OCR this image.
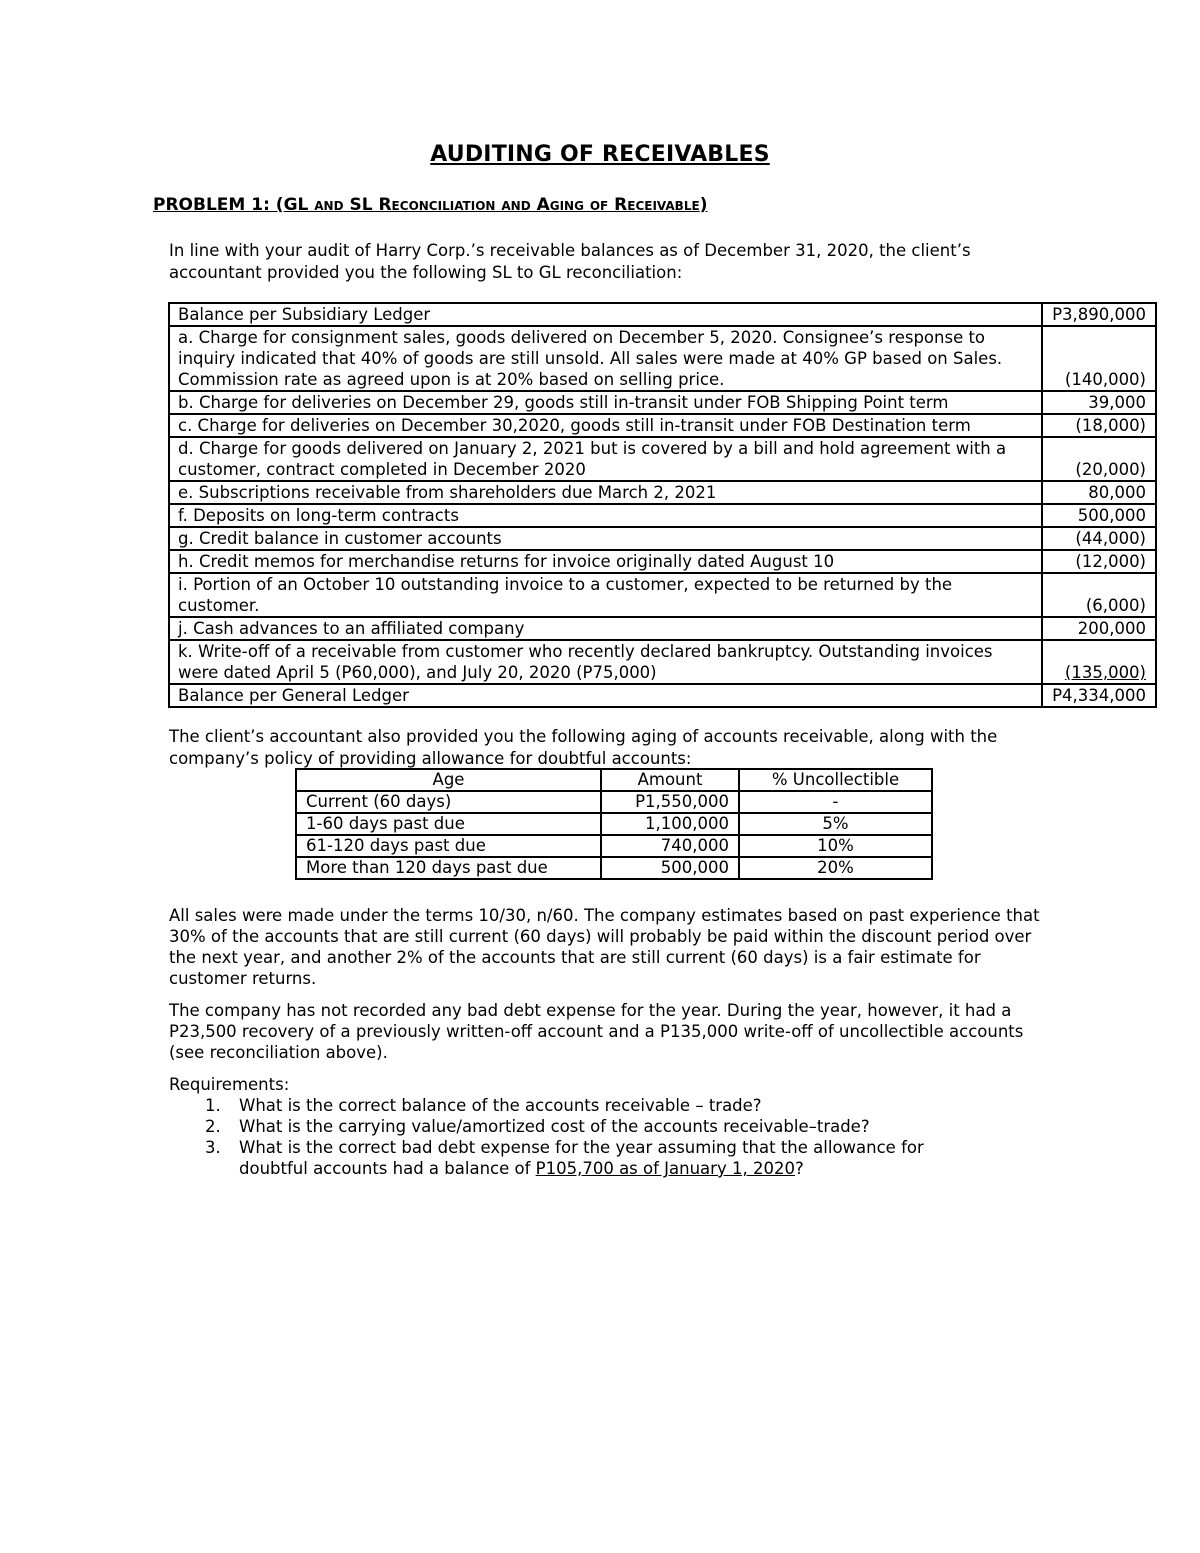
AUDITING OF RECEIVABLES
PROBLEM 1: (GL and SL Reconciliation and Aging of Receivable)
In line with your audit of Harry Corp.’s receivable balances as of December 31, 2020, the client’s accountant provided you the following SL to GL reconciliation:
Balance per Subsidiary Ledger	P3,890,000
a. Charge for consignment sales, goods delivered on December 5, 2020. Consignee’s response to inquiry indicated that 40% of goods are still unsold. All sales were made at 40% GP based on Sales. Commission rate as agreed upon is at 20% based on selling price.	(140,000)
b. Charge for deliveries on December 29, goods still in-transit under FOB Shipping Point term	39,000
c. Charge for deliveries on December 30,2020, goods still in-transit under FOB Destination term	(18,000)
d. Charge for goods delivered on January 2, 2021 but is covered by a bill and hold agreement with a customer, contract completed in December 2020	(20,000)
e. Subscriptions receivable from shareholders due March 2, 2021	80,000
f. Deposits on long-term contracts	500,000
g. Credit balance in customer accounts	(44,000)
h. Credit memos for merchandise returns for invoice originally dated August 10	(12,000)
i. Portion of an October 10 outstanding invoice to a customer, expected to be returned by the customer.	(6,000)
j. Cash advances to an affiliated company	200,000
k. Write-off of a receivable from customer who recently declared bankruptcy. Outstanding invoices were dated April 5 (P60,000), and July 20, 2020 (P75,000)	(135,000)
Balance per General Ledger	P4,334,000
The client’s accountant also provided you the following aging of accounts receivable, along with the company’s policy of providing allowance for doubtful accounts:
Age	Amount	% Uncollectible
Current (60 days)	P1,550,000	-
1-60 days past due	1,100,000	5%
61-120 days past due	740,000	10%
More than 120 days past due	500,000	20%
All sales were made under the terms 10/30, n/60. The company estimates based on past experience that 30% of the accounts that are still current (60 days) will probably be paid within the discount period over the next year, and another 2% of the accounts that are still current (60 days) is a fair estimate for customer returns.
The company has not recorded any bad debt expense for the year. During the year, however, it had a P23,500 recovery of a previously written-off account and a P135,000 write-off of uncollectible accounts (see reconciliation above).
Requirements:
1.	What is the correct balance of the accounts receivable – trade?
2.	What is the carrying value/amortized cost of the accounts receivable–trade?
3.	What is the correct bad debt expense for the year assuming that the allowance for doubtful accounts had a balance of P105,700 as of January 1, 2020?
